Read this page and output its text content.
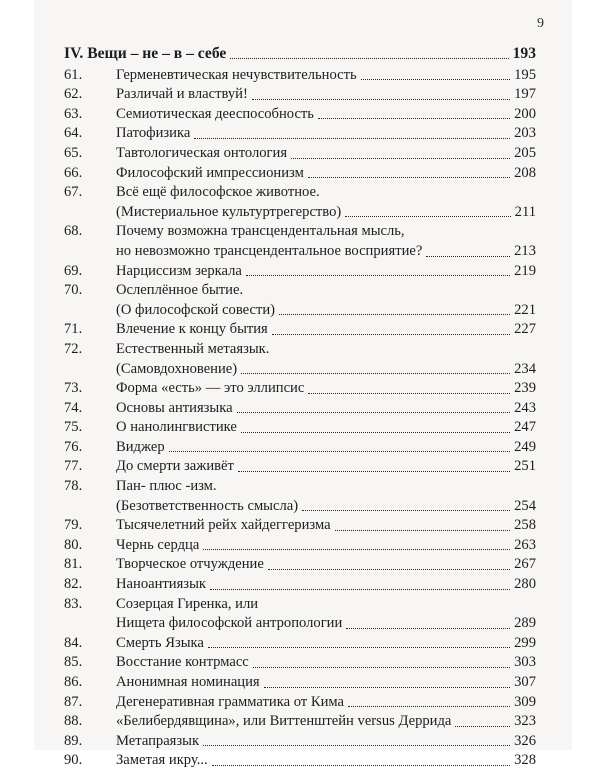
9
IV. Вещи – не – в – себе	193
61.	Герменевтическая нечувствительность	195
62.	Различай и властвуй!	197
63.	Семиотическая дееспособность	200
64.	Патофизика	203
65.	Тавтологическая онтология	205
66.	Философский импрессионизм	208
67.	Всё ещё философское животное.
(Мистериальное культуртрегерство)	211
68.	Почему возможна трансцендентальная мысль,
но невозможно трансцендентальное восприятие?	213
69.	Нарциссизм зеркала	219
70.	Ослеплённое бытие.
(О философской совести)	221
71.	Влечение к концу бытия	227
72.	Естественный метаязык.
(Самовдохновение)	234
73.	Форма «есть» — это эллипсис	239
74.	Основы антиязыка	243
75.	О нанолингвистике	247
76.	Виджер	249
77.	До смерти заживёт	251
78.	Пан- плюс -изм.
(Безответственность смысла)	254
79.	Тысячелетний рейх хайдеггеризма	258
80.	Чернь сердца	263
81.	Творческое отчуждение	267
82.	Наноантиязык	280
83.	Созерцая Гиренка, или
Нищета философской антропологии	289
84.	Смерть Языка	299
85.	Восстание контрмасс	303
86.	Анонимная номинация	307
87.	Дегенеративная грамматика от Кима	309
88.	«Белибердявщина», или Виттенштейн versus Деррида	323
89.	Метапраязык	326
90.	Заметая икру...	328
